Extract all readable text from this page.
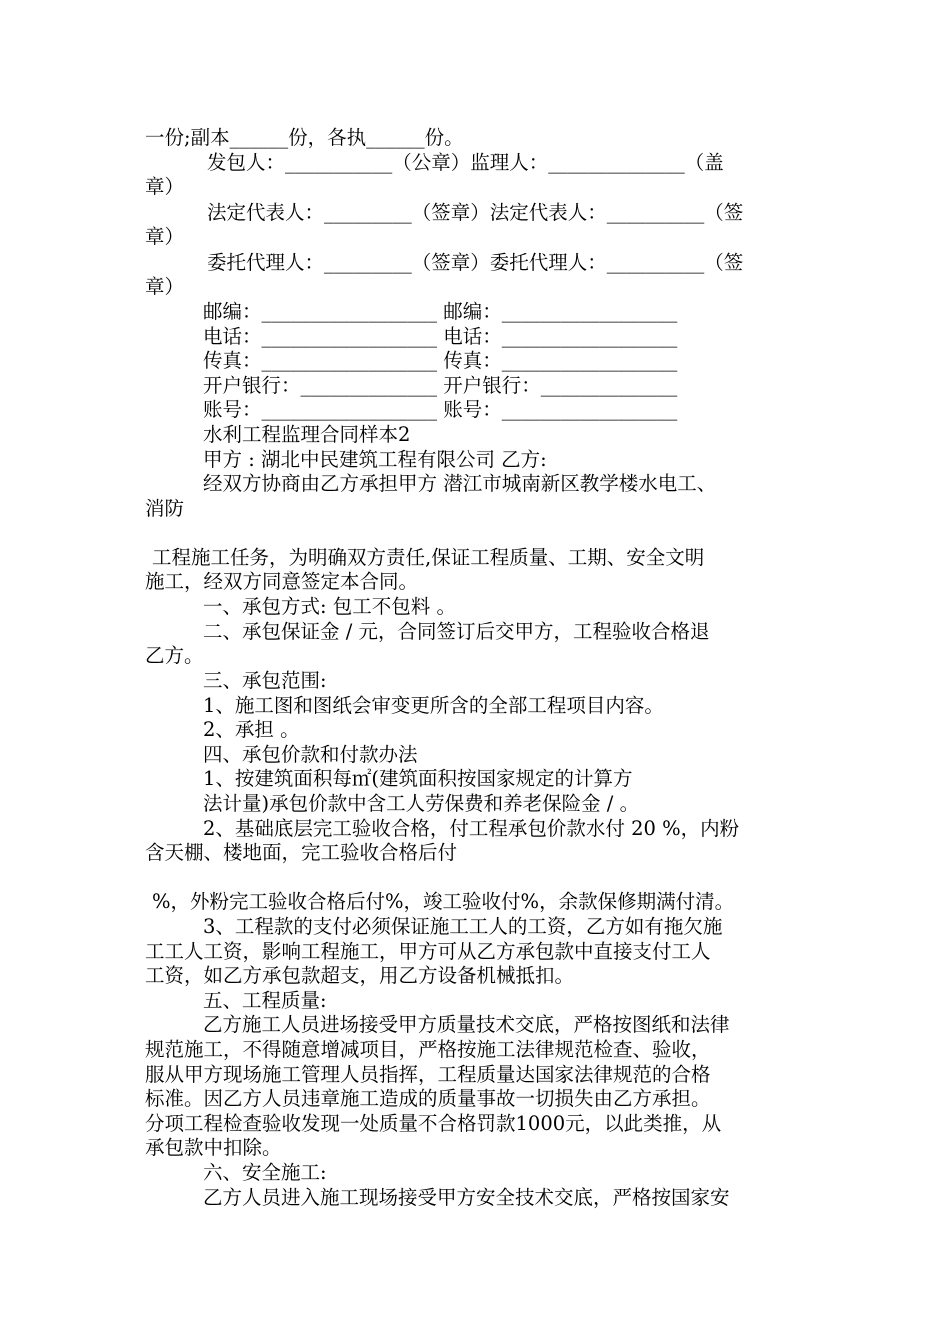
一份;副本______份，各执______份。
发包人：___________（公章）监理人：______________（盖
章）
法定代表人：_________（签章）法定代表人：__________（签
章）
委托代理人：_________（签章）委托代理人：__________（签
章）
邮编：__________________ 邮编：__________________
电话：__________________ 电话：__________________
传真：__________________ 传真：__________________
开户银行：______________ 开户银行：______________
账号：__________________ 账号：__________________
水利工程监理合同样本2
甲方 : 湖北中民建筑工程有限公司 乙方:
经双方协商由乙方承担甲方 潜江市城南新区教学楼水电工、
消防
工程施工任务，为明确双方责任,保证工程质量、工期、安全文明
施工，经双方同意签定本合同。
一、承包方式: 包工不包料 。
二、承包保证金 / 元，合同签订后交甲方，工程验收合格退
乙方。
三、承包范围:
1、施工图和图纸会审变更所含的全部工程项目内容。
2、承担 。
四、承包价款和付款办法
1、按建筑面积每㎡(建筑面积按国家规定的计算方
法计量)承包价款中含工人劳保费和养老保险金 / 。
2、基础底层完工验收合格，付工程承包价款水付 20 %，内粉
含天棚、楼地面，完工验收合格后付
%，外粉完工验收合格后付%，竣工验收付%，余款保修期满付清。
3、工程款的支付必须保证施工工人的工资，乙方如有拖欠施
工工人工资，影响工程施工，甲方可从乙方承包款中直接支付工人
工资，如乙方承包款超支，用乙方设备机械抵扣。
五、工程质量:
乙方施工人员进场接受甲方质量技术交底，严格按图纸和法律
规范施工，不得随意增减项目，严格按施工法律规范检查、验收，
服从甲方现场施工管理人员指挥，工程质量达国家法律规范的合格
标准。因乙方人员违章施工造成的质量事故一切损失由乙方承担。
分项工程检查验收发现一处质量不合格罚款1000元，以此类推，从
承包款中扣除。
六、安全施工:
乙方人员进入施工现场接受甲方安全技术交底，严格按国家安
